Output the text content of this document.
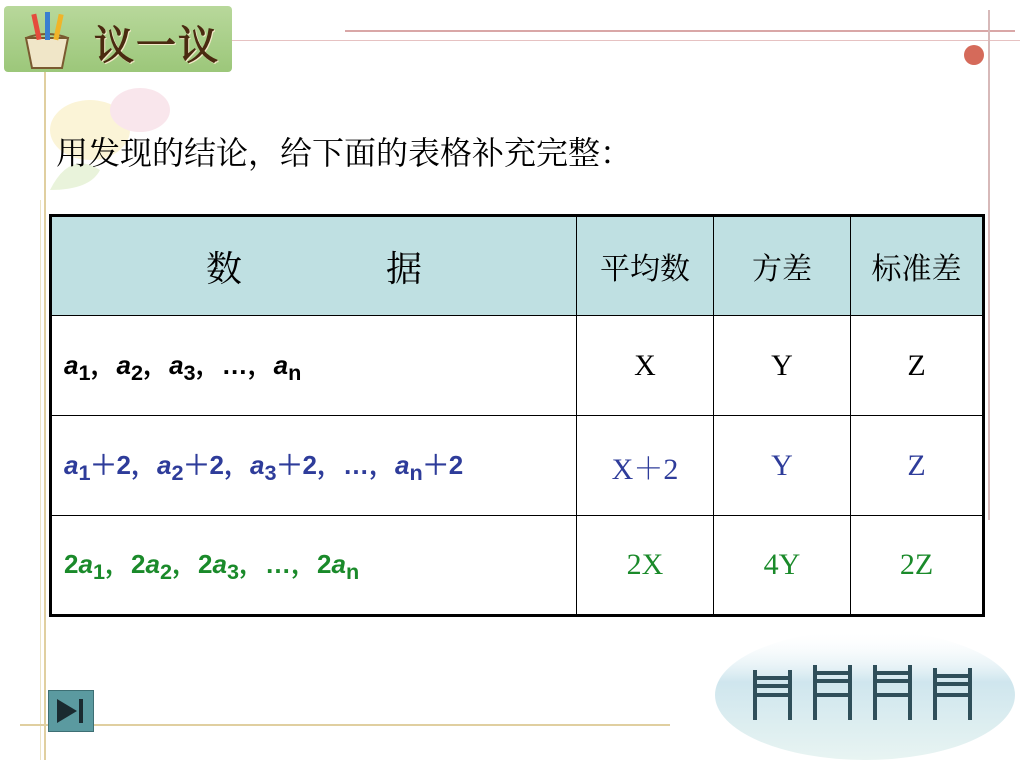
议一议
用发现的结论，给下面的表格补充完整：
数　　　　据	平均数	方差	标准差
$a_1$，$a_2$，$a_3$，…，$a_n$	X	Y	Z
$a_1+2$，$a_2+2$，$a_3+2$，…，$a_n+2$	X＋2	Y	Z
$2a_1$，$2a_2$，$2a_3$，…，$2a_n$	2X	4Y	2Z
